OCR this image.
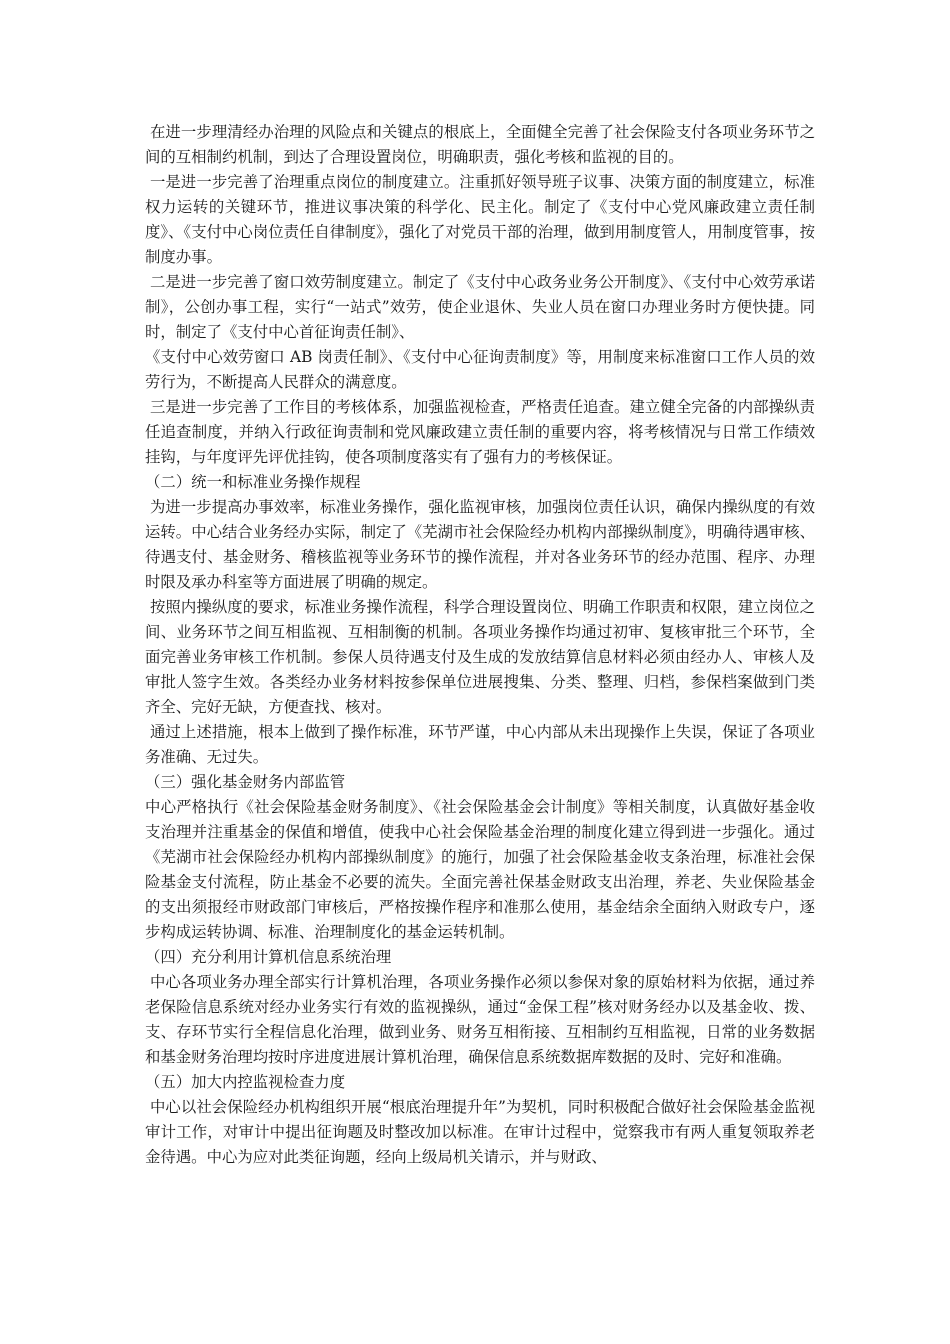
在进一步理清经办治理的风险点和关键点的根底上，全面健全完善了社会保险支付各项业务环节之间的互相制约机制，到达了合理设置岗位，明确职责，强化考核和监视的目的。

一是进一步完善了治理重点岗位的制度建立。注重抓好领导班子议事、决策方面的制度建立，标准权力运转的关键环节，推进议事决策的科学化、民主化。制定了《支付中心党风廉政建立责任制度》、《支付中心岗位责任自律制度》，强化了对党员干部的治理，做到用制度管人，用制度管事，按制度办事。

二是进一步完善了窗口效劳制度建立。制定了《支付中心政务业务公开制度》、《支付中心效劳承诺制》，公创办事工程，实行“一站式”效劳，使企业退休、失业人员在窗口办理业务时方便快捷。同时，制定了《支付中心首征询责任制》、

《支付中心效劳窗口 AB 岗责任制》、《支付中心征询责制度》等，用制度来标准窗口工作人员的效劳行为，不断提高人民群众的满意度。

三是进一步完善了工作目的考核体系，加强监视检查，严格责任追查。建立健全完备的内部操纵责任追查制度，并纳入行政征询责制和党风廉政建立责任制的重要内容，将考核情况与日常工作绩效挂钩，与年度评先评优挂钩，使各项制度落实有了强有力的考核保证。

（二）统一和标准业务操作规程

为进一步提高办事效率，标准业务操作，强化监视审核，加强岗位责任认识，确保内操纵度的有效运转。中心结合业务经办实际，制定了《芜湖市社会保险经办机构内部操纵制度》，明确待遇审核、待遇支付、基金财务、稽核监视等业务环节的操作流程，并对各业务环节的经办范围、程序、办理时限及承办科室等方面进展了明确的规定。

按照内操纵度的要求，标准业务操作流程，科学合理设置岗位、明确工作职责和权限，建立岗位之间、业务环节之间互相监视、互相制衡的机制。各项业务操作均通过初审、复核审批三个环节，全面完善业务审核工作机制。参保人员待遇支付及生成的发放结算信息材料必须由经办人、审核人及审批人签字生效。各类经办业务材料按参保单位进展搜集、分类、整理、归档，参保档案做到门类齐全、完好无缺，方便查找、核对。

通过上述措施，根本上做到了操作标准，环节严谨，中心内部从未出现操作上失误，保证了各项业务准确、无过失。

（三）强化基金财务内部监管

中心严格执行《社会保险基金财务制度》、《社会保险基金会计制度》等相关制度，认真做好基金收支治理并注重基金的保值和增值，使我中心社会保险基金治理的制度化建立得到进一步强化。通过《芜湖市社会保险经办机构内部操纵制度》的施行，加强了社会保险基金收支条治理，标准社会保险基金支付流程，防止基金不必要的流失。全面完善社保基金财政支出治理，养老、失业保险基金的支出须报经市财政部门审核后，严格按操作程序和准那么使用，基金结余全面纳入财政专户，逐步构成运转协调、标准、治理制度化的基金运转机制。

（四）充分利用计算机信息系统治理

中心各项业务办理全部实行计算机治理，各项业务操作必须以参保对象的原始材料为依据，通过养老保险信息系统对经办业务实行有效的监视操纵，通过“金保工程”核对财务经办以及基金收、拨、支、存环节实行全程信息化治理，做到业务、财务互相衔接、互相制约互相监视，日常的业务数据和基金财务治理均按时序进度进展计算机治理，确保信息系统数据库数据的及时、完好和准确。

（五）加大内控监视检查力度

中心以社会保险经办机构组织开展“根底治理提升年”为契机，同时积极配合做好社会保险基金监视审计工作，对审计中提出征询题及时整改加以标准。在审计过程中，觉察我市有两人重复领取养老金待遇。中心为应对此类征询题，经向上级局机关请示，并与财政、
